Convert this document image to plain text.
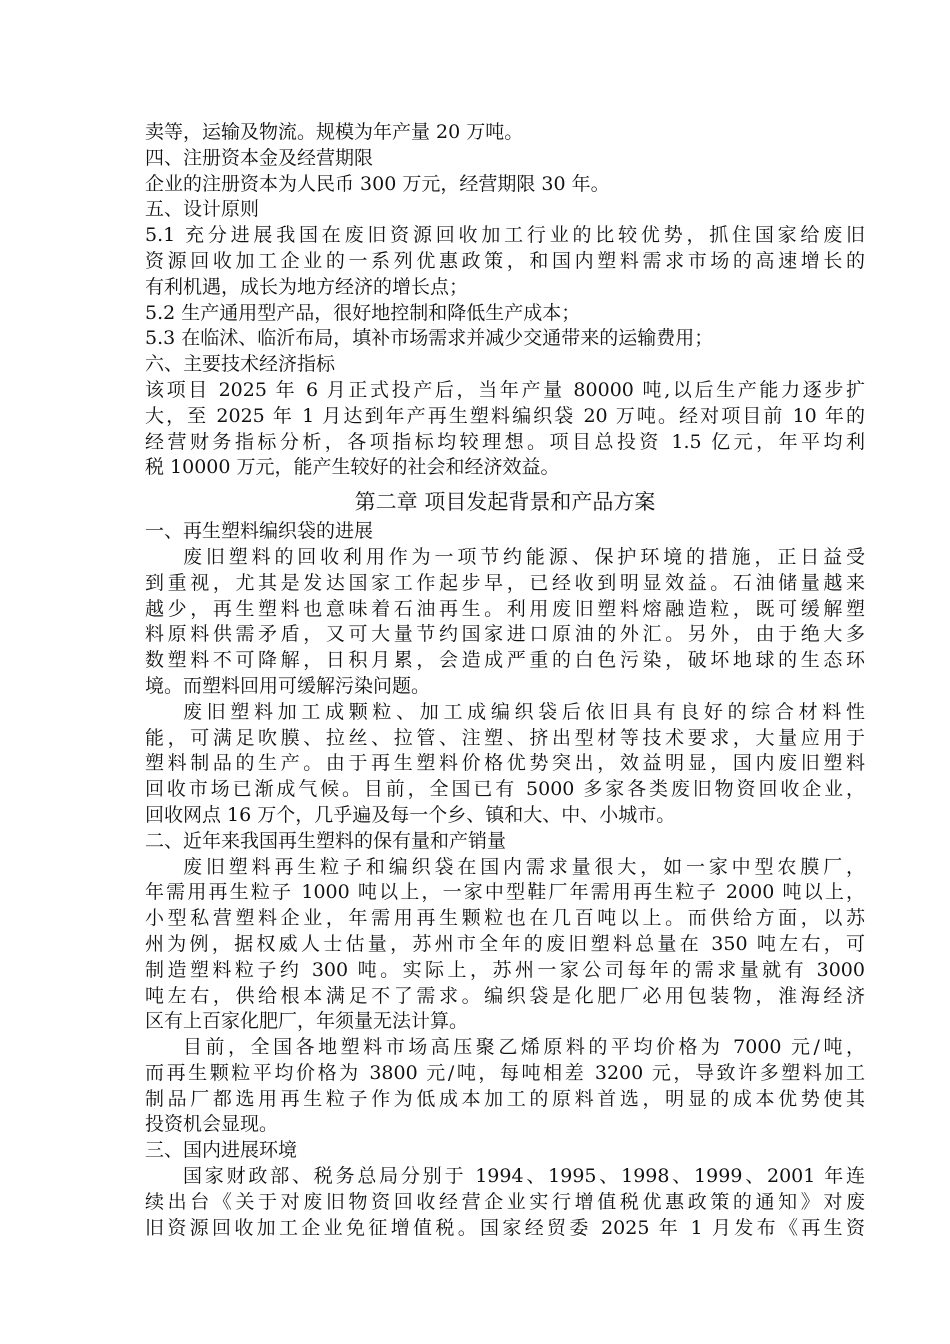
卖等，运输及物流。规模为年产量 20 万吨。
四、注册资本金及经营期限
企业的注册资本为人民币 300 万元，经营期限 30 年。
五、设计原则
5.1 充分进展我国在废旧资源回收加工行业的比较优势，抓住国家给废旧
资源回收加工企业的一系列优惠政策，和国内塑料需求市场的高速增长的
有利机遇，成长为地方经济的增长点；
5.2 生产通用型产品，很好地控制和降低生产成本；
5.3 在临沭、临沂布局，填补市场需求并减少交通带来的运输费用；
六、主要技术经济指标
该项目 2025 年 6 月正式投产后，当年产量 80000 吨,以后生产能力逐步扩
大，至 2025 年 1 月达到年产再生塑料编织袋 20 万吨。经对项目前 10 年的
经营财务指标分析，各项指标均较理想。项目总投资 1.5 亿元，年平均利
税 10000 万元，能产生较好的社会和经济效益。
第二章 项目发起背景和产品方案
一、再生塑料编织袋的进展
废旧塑料的回收利用作为一项节约能源、保护环境的措施，正日益受
到重视，尤其是发达国家工作起步早，已经收到明显效益。石油储量越来
越少，再生塑料也意味着石油再生。利用废旧塑料熔融造粒，既可缓解塑
料原料供需矛盾，又可大量节约国家进口原油的外汇。另外，由于绝大多
数塑料不可降解，日积月累，会造成严重的白色污染，破坏地球的生态环
境。而塑料回用可缓解污染问题。
废旧塑料加工成颗粒、加工成编织袋后依旧具有良好的综合材料性
能，可满足吹膜、拉丝、拉管、注塑、挤出型材等技术要求，大量应用于
塑料制品的生产。由于再生塑料价格优势突出，效益明显，国内废旧塑料
回收市场已渐成气候。目前，全国已有 5000 多家各类废旧物资回收企业，
回收网点 16 万个，几乎遍及每一个乡、镇和大、中、小城市。
二、近年来我国再生塑料的保有量和产销量
废旧塑料再生粒子和编织袋在国内需求量很大，如一家中型农膜厂，
年需用再生粒子 1000 吨以上，一家中型鞋厂年需用再生粒子 2000 吨以上，
小型私营塑料企业，年需用再生颗粒也在几百吨以上。而供给方面，以苏
州为例，据权威人士估量，苏州市全年的废旧塑料总量在 350 吨左右，可
制造塑料粒子约 300 吨。实际上，苏州一家公司每年的需求量就有 3000
吨左右，供给根本满足不了需求。编织袋是化肥厂必用包装物，淮海经济
区有上百家化肥厂，年须量无法计算。
目前，全国各地塑料市场高压聚乙烯原料的平均价格为 7000 元/吨，
而再生颗粒平均价格为 3800 元/吨，每吨相差 3200 元，导致许多塑料加工
制品厂都选用再生粒子作为低成本加工的原料首选，明显的成本优势使其
投资机会显现。
三、国内进展环境
国家财政部、税务总局分别于 1994、1995、1998、1999、2001 年连
续出台《关于对废旧物资回收经营企业实行增值税优惠政策的通知》对废
旧资源回收加工企业免征增值税。国家经贸委 2025 年 1 月发布《再生资
